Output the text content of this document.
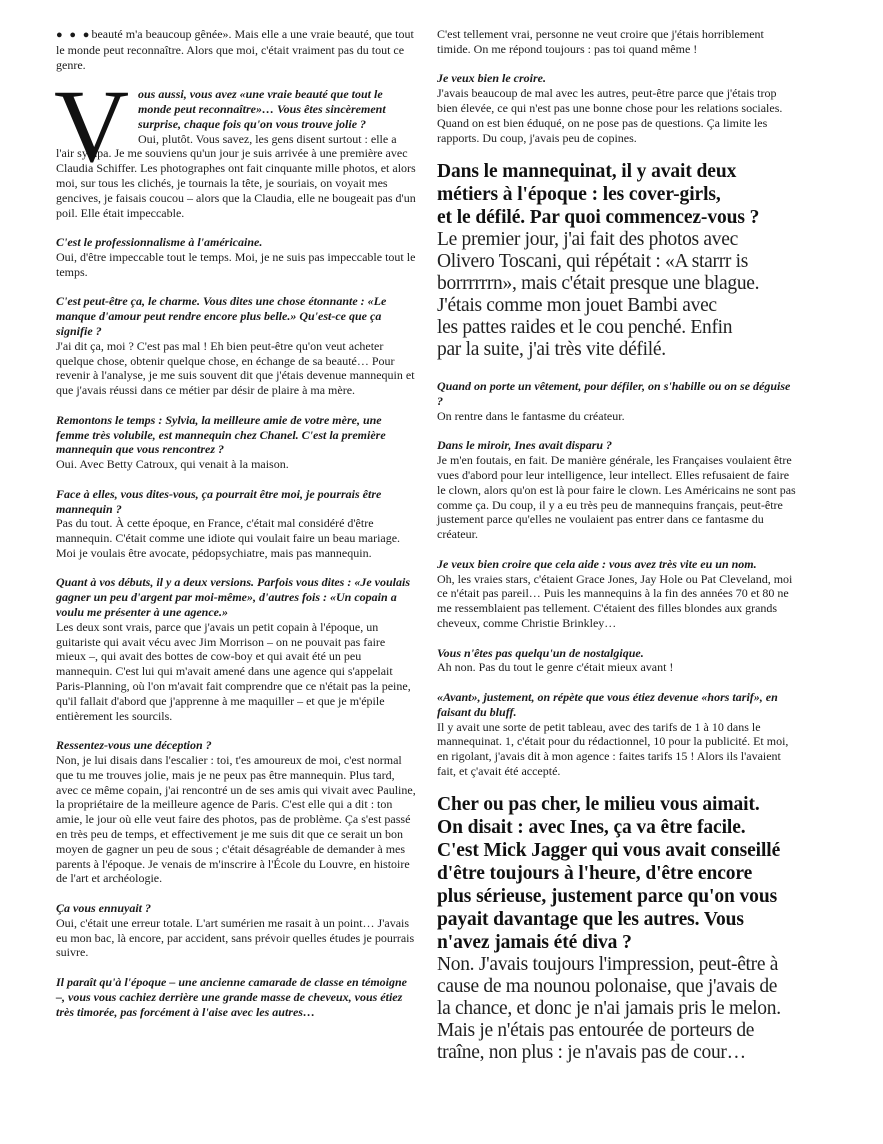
● ● ●beauté m'a beaucoup gênée». Mais elle a une vraie beauté, que tout le monde peut reconnaître. Alors que moi, c'était vraiment pas du tout ce genre.

V ous aussi, vous avez «une vraie beauté que tout le monde peut reconnaître»… Vous êtes sincèrement surprise, chaque fois qu'on vous trouve jolie ?
Oui, plutôt. Vous savez, les gens disent surtout : elle a l'air sympa. Je me souviens qu'un jour je suis arrivée à une première avec Claudia Schiffer. Les photographes ont fait cinquante mille photos, et alors moi, sur tous les clichés, je tournais la tête, je souriais, on voyait mes gencives, je faisais coucou – alors que la Claudia, elle ne bougeait pas d'un poil. Elle était impeccable.

C'est le professionnalisme à l'américaine.
Oui, d'être impeccable tout le temps. Moi, je ne suis pas impeccable tout le temps.

C'est peut-être ça, le charme. Vous dites une chose étonnante : «Le manque d'amour peut rendre encore plus belle.» Qu'est-ce que ça signifie ?
J'ai dit ça, moi ? C'est pas mal ! Eh bien peut-être qu'on veut acheter quelque chose, obtenir quelque chose, en échange de sa beauté… Pour revenir à l'analyse, je me suis souvent dit que j'étais devenue mannequin et que j'avais réussi dans ce métier par désir de plaire à ma mère.

Remontons le temps : Sylvia, la meilleure amie de votre mère, une femme très volubile, est mannequin chez Chanel. C'est la première mannequin que vous rencontrez ?
Oui. Avec Betty Catroux, qui venait à la maison.

Face à elles, vous dites-vous, ça pourrait être moi, je pourrais être mannequin ?
Pas du tout. À cette époque, en France, c'était mal considéré d'être mannequin. C'était comme une idiote qui voulait faire un beau mariage. Moi je voulais être avocate, pédopsychiatre, mais pas mannequin.

Quant à vos débuts, il y a deux versions. Parfois vous dites : «Je voulais gagner un peu d'argent par moi-même», d'autres fois : «Un copain a voulu me présenter à une agence.»
Les deux sont vrais, parce que j'avais un petit copain à l'époque, un guitariste qui avait vécu avec Jim Morrison – on ne pouvait pas faire mieux –, qui avait des bottes de cow-boy et qui avait été un peu mannequin. C'est lui qui m'avait amené dans une agence qui s'appelait Paris-Planning, où l'on m'avait fait comprendre que ce n'était pas la peine, qu'il fallait d'abord que j'apprenne à me maquiller – et que je m'épile entièrement les sourcils.

Ressentez-vous une déception ?
Non, je lui disais dans l'escalier : toi, t'es amoureux de moi, c'est normal que tu me trouves jolie, mais je ne peux pas être mannequin. Plus tard, avec ce même copain, j'ai rencontré un de ses amis qui vivait avec Pauline, la propriétaire de la meilleure agence de Paris. C'est elle qui a dit : ton amie, le jour où elle veut faire des photos, pas de problème. Ça s'est passé en très peu de temps, et effectivement je me suis dit que ce serait un bon moyen de gagner un peu de sous ; c'était désagréable de demander à mes parents à l'époque. Je venais de m'inscrire à l'École du Louvre, en histoire de l'art et archéologie.

Ça vous ennuyait ?
Oui, c'était une erreur totale. L'art sumérien me rasait à un point… J'avais eu mon bac, là encore, par accident, sans prévoir quelles études je pourrais suivre.

Il paraît qu'à l'époque – une ancienne camarade de classe en témoigne –, vous vous cachiez derrière une grande masse de cheveux, vous étiez très timorée, pas forcément à l'aise avec les autres…

C'est tellement vrai, personne ne veut croire que j'étais horriblement timide. On me répond toujours : pas toi quand même !

Je veux bien le croire.
J'avais beaucoup de mal avec les autres, peut-être parce que j'étais trop bien élevée, ce qui n'est pas une bonne chose pour les relations sociales. Quand on est bien éduqué, on ne pose pas de questions. Ça limite les rapports. Du coup, j'avais peu de copines.

Dans le mannequinat, il y avait deux
métiers à l'époque : les cover-girls,
et le défilé. Par quoi commencez-vous ?
Le premier jour, j'ai fait des photos avec
Olivero Toscani, qui répétait : «A starrr is
borrrrrrn», mais c'était presque une blague.
J'étais comme mon jouet Bambi avec
les pattes raides et le cou penché. Enfin
par la suite, j'ai très vite défilé.

Quand on porte un vêtement, pour défiler, on s'habille ou on se déguise ?
On rentre dans le fantasme du créateur.

Dans le miroir, Ines avait disparu ?
Je m'en foutais, en fait. De manière générale, les Françaises voulaient être vues d'abord pour leur intelligence, leur intellect. Elles refusaient de faire le clown, alors qu'on est là pour faire le clown. Les Américains ne sont pas comme ça. Du coup, il y a eu très peu de mannequins français, peut-être justement parce qu'elles ne voulaient pas entrer dans ce fantasme du créateur.

Je veux bien croire que cela aide : vous avez très vite eu un nom.
Oh, les vraies stars, c'étaient Grace Jones, Jay Hole ou Pat Cleveland, moi ce n'était pas pareil… Puis les mannequins à la fin des années 70 et 80 ne me ressemblaient pas tellement. C'étaient des filles blondes aux grands cheveux, comme Christie Brinkley…

Vous n'êtes pas quelqu'un de nostalgique.
Ah non. Pas du tout le genre c'était mieux avant !

«Avant», justement, on répète que vous étiez devenue «hors tarif», en faisant du bluff.
Il y avait une sorte de petit tableau, avec des tarifs de 1 à 10 dans le mannequinat. 1, c'était pour du rédactionnel, 10 pour la publicité. Et moi, en rigolant, j'avais dit à mon agence : faites tarifs 15 ! Alors ils l'avaient fait, et ç'avait été accepté.

Cher ou pas cher, le milieu vous aimait.
On disait : avec Ines, ça va être facile.
C'est Mick Jagger qui vous avait conseillé
d'être toujours à l'heure, d'être encore
plus sérieuse, justement parce qu'on vous
payait davantage que les autres. Vous
n'avez jamais été diva ?
Non. J'avais toujours l'impression, peut-être à
cause de ma nounou polonaise, que j'avais de
la chance, et donc je n'ai jamais pris le melon.
Mais je n'étais pas entourée de porteurs de
traîne, non plus : je n'avais pas de cour…
